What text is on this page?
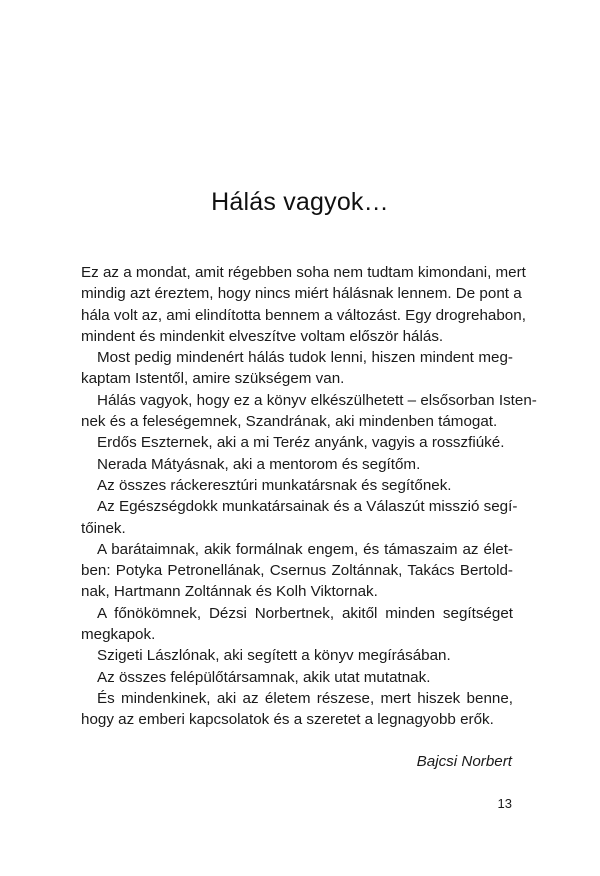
Hálás vagyok…
Ez az a mondat, amit régebben soha nem tudtam kimondani, mert
mindig azt éreztem, hogy nincs miért hálásnak lennem. De pont a
hála volt az, ami elindította bennem a változást. Egy drogrehabon,
mindent és mindenkit elveszítve voltam először hálás.
Most pedig mindenért hálás tudok lenni, hiszen mindent meg-
kaptam Istentől, amire szükségem van.
Hálás vagyok, hogy ez a könyv elkészülhetett – elsősorban Isten-
nek és a feleségemnek, Szandrának, aki mindenben támogat.
Erdős Eszternek, aki a mi Teréz anyánk, vagyis a rosszfiúké.
Nerada Mátyásnak, aki a mentorom és segítőm.
Az összes ráckeresztúri munkatársnak és segítőnek.
Az Egészségdokk munkatársainak és a Válaszút misszió segí-
tőinek.
A barátaimnak, akik formálnak engem, és támaszaim az élet-
ben: Potyka Petronellának, Csernus Zoltánnak, Takács Bertold-
nak, Hartmann Zoltánnak és Kolh Viktornak.
A főnökömnek, Dézsi Norbertnek, akitől minden segítséget
megkapok.
Szigeti Lászlónak, aki segített a könyv megírásában.
Az összes felépülőtársamnak, akik utat mutatnak.
És mindenkinek, aki az életem részese, mert hiszek benne,
hogy az emberi kapcsolatok és a szeretet a legnagyobb erők.
Bajcsi Norbert
13
